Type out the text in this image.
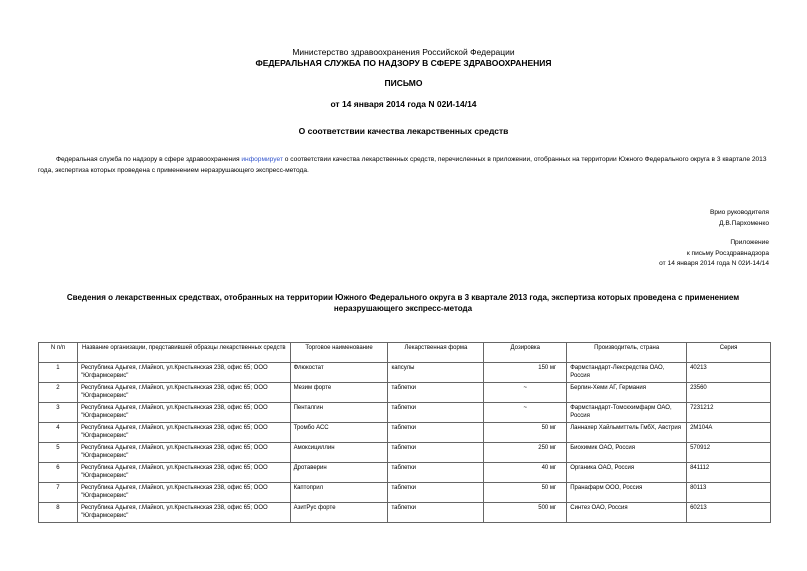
Министерство здравоохранения Российской Федерации
ФЕДЕРАЛЬНАЯ СЛУЖБА ПО НАДЗОРУ В СФЕРЕ ЗДРАВООХРАНЕНИЯ
ПИСЬМО
от 14 января 2014 года N 02И-14/14
О соответствии качества лекарственных средств
Федеральная служба по надзору в сфере здравоохранения информирует о соответствии качества лекарственных средств, перечисленных в приложении, отобранных на территории Южного Федерального округа в 3 квартале 2013 года, экспертиза которых проведена с применением неразрушающего экспресс-метода.
Врио руководителя
Д.В.Пархоменко
Приложение
к письму Росздравнадзора
от 14 января 2014 года N 02И-14/14
Сведения о лекарственных средствах, отобранных на территории Южного Федерального округа в 3 квартале 2013 года, экспертиза которых проведена с применением неразрушающего экспресс-метода
N п/п	Название организации, представившей образцы лекарственных средств	Торговое наименование	Лекарственная форма	Дозировка	Производитель, страна	Серия
1	Республика Адыгея, г.Майкоп, ул.Крестьянская 238, офис 65; ООО "Югфармсервис"	Флюкостат	капсулы	150 мг	Фармстандарт-Лексредства ОАО, Россия	40213
2	Республика Адыгея, г.Майкоп, ул.Крестьянская 238, офис 65; ООО "Югфармсервис"	Мезим форте	таблетки	~	Берлин-Хеми АГ, Германия	23560
3	Республика Адыгея, г.Майкоп, ул.Крестьянская 238, офис 65; ООО "Югфармсервис"	Пенталгин	таблетки	~	Фармстандарт-Томскхимфарм ОАО, Россия	7231212
4	Республика Адыгея, г.Майкоп, ул.Крестьянская 238, офис 65; ООО "Югфармсервис"	Тромбо АСС	таблетки	50 мг	Ланнахер Хайльмиттель ГмбХ, Австрия	2М104А
5	Республика Адыгея, г.Майкоп, ул.Крестьянская 238, офис 65; ООО "Югфармсервис"	Амоксициллин	таблетки	250 мг	Биохимик ОАО, Россия	570912
6	Республика Адыгея, г.Майкоп, ул.Крестьянская 238, офис 65; ООО "Югфармсервис"	Дротаверин	таблетки	40 мг	Органика ОАО, Россия	841112
7	Республика Адыгея, г.Майкоп, ул.Крестьянская 238, офис 65; ООО "Югфармсервис"	Каптоприл	таблетки	50 мг	Пранафарм ООО, Россия	80113
8	Республика Адыгея, г.Майкоп, ул.Крестьянская 238, офис 65; ООО "Югфармсервис"	АзитРус форте	таблетки	500 мг	Синтез ОАО, Россия	60213
